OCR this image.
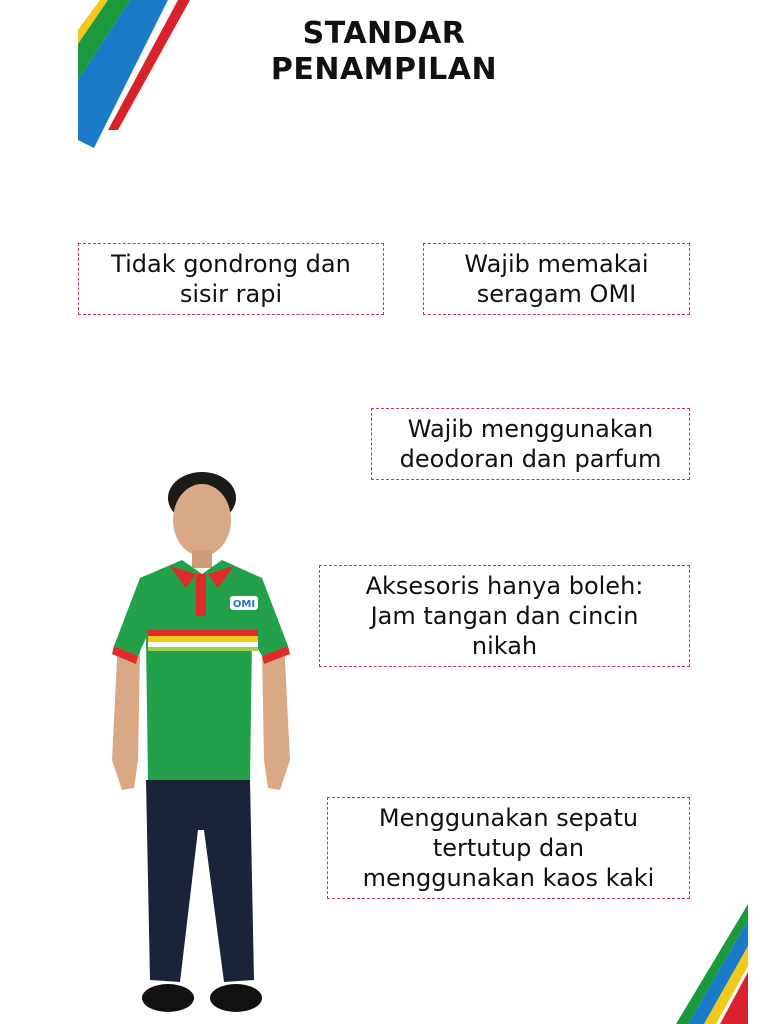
STANDAR
PENAMPILAN
Tidak gondrong dan
sisir rapi
Wajib memakai
seragam OMI
Wajib menggunakan
deodoran dan parfum
Aksesoris hanya boleh:
Jam tangan dan cincin
nikah
Menggunakan sepatu
tertutup dan
menggunakan kaos kaki
OMI
